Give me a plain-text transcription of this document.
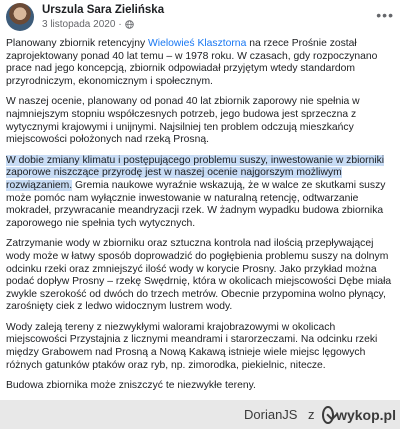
Urszula Sara Zielińska
3 listopada 2020 ·
•••

Planowany zbiornik retencyjny Wielowieś Klasztorna na rzece Prośnie został zaprojektowany ponad 40 lat temu – w 1978 roku. W czasach, gdy rozpoczynano prace nad jego koncepcją, zbiornik odpowiadał przyjętym wtedy standardom przyrodniczym, ekonomicznym i społecznym.

W naszej ocenie, planowany od ponad 40 lat zbiornik zaporowy nie spełnia w najmniejszym stopniu współczesnych potrzeb, jego budowa jest sprzeczna z wytycznymi krajowymi i unijnymi. Najsilniej ten problem odczują mieszkańcy miejscowości położonych nad rzeką Prosną.

W dobie zmiany klimatu i postępującego problemu suszy, inwestowanie w zbiorniki zaporowe niszczące przyrodę jest w naszej ocenie najgorszym możliwym rozwiązaniem. Gremia naukowe wyraźnie wskazują, że w walce ze skutkami suszy może pomóc nam wyłącznie inwestowanie w naturalną retencję, odtwarzanie mokradeł, przywracanie meandryzacji rzek. W żadnym wypadku budowa zbiornika zaporowego nie spełnia tych wytycznych.

Zatrzymanie wody w zbiorniku oraz sztuczna kontrola nad ilością przepływającej wody może w łatwy sposób doprowadzić do pogłębienia problemu suszy na dolnym odcinku rzeki oraz zmniejszyć ilość wody w korycie Prosny. Jako przykład można podać dopływ Prosny – rzekę Swędrnię, która w okolicach miejscowości Dębe miała zwykle szerokość od dwóch do trzech metrów. Obecnie przypomina wolno płynący, zarośnięty ciek z ledwo widocznym lustrem wody.

Wody zaleją tereny z niezwykłymi walorami krajobrazowymi w okolicach miejscowości Przystajnia z licznymi meandrami i starorzeczami. Na odcinku rzeki między Grabowem nad Prosną a Nową Kakawą istnieje wiele miejsc lęgowych różnych gatunków ptaków oraz ryb, np. zimorodka, piekielnic, nitecze.

Budowa zbiornika może zniszczyć te niezwykłe tereny.

DorianJS z wykop.pl
